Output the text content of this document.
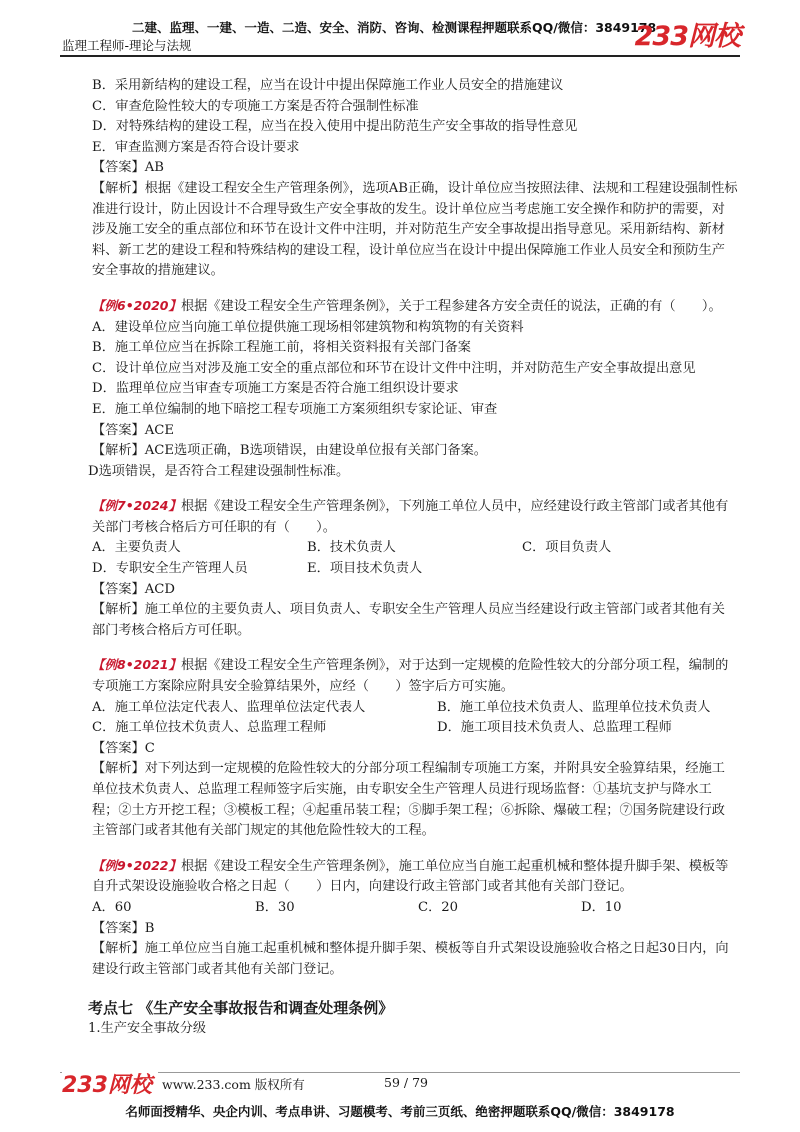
二建、监理、一建、一造、二造、安全、消防、咨询、检测课程押题联系QQ/微信：3849178
监理工程师-理论与法规	233网校

B．采用新结构的建设工程，应当在设计中提出保障施工作业人员安全的措施建议

C．审查危险性较大的专项施工方案是否符合强制性标准

D．对特殊结构的建设工程，应当在投入使用中提出防范生产安全事故的指导性意见

E．审查监测方案是否符合设计要求

【答案】AB

【解析】根据《建设工程安全生产管理条例》，选项AB正确，设计单位应当按照法律、法规和工程建设强制性标准进行设计，防止因设计不合理导致生产安全事故的发生。设计单位应当考虑施工安全操作和防护的需要，对涉及施工安全的重点部位和环节在设计文件中注明，并对防范生产安全事故提出指导意见。采用新结构、新材料、新工艺的建设工程和特殊结构的建设工程，设计单位应当在设计中提出保障施工作业人员安全和预防生产安全事故的措施建议。

【例6•2020】根据《建设工程安全生产管理条例》，关于工程参建各方安全责任的说法，正确的有（　　）。

A．建设单位应当向施工单位提供施工现场相邻建筑物和构筑物的有关资料

B．施工单位应当在拆除工程施工前，将相关资料报有关部门备案

C．设计单位应当对涉及施工安全的重点部位和环节在设计文件中注明，并对防范生产安全事故提出意见

D．监理单位应当审查专项施工方案是否符合施工组织设计要求

E．施工单位编制的地下暗挖工程专项施工方案须组织专家论证、审查

【答案】ACE

【解析】ACE选项正确，B选项错误，由建设单位报有关部门备案。

D选项错误，是否符合工程建设强制性标准。

【例7•2024】根据《建设工程安全生产管理条例》，下列施工单位人员中，应经建设行政主管部门或者其他有关部门考核合格后方可任职的有（　　）。

A．主要负责人	B．技术负责人	C．项目负责人
D．专职安全生产管理人员	E．项目技术负责人

【答案】ACD

【解析】施工单位的主要负责人、项目负责人、专职安全生产管理人员应当经建设行政主管部门或者其他有关部门考核合格后方可任职。

【例8•2021】根据《建设工程安全生产管理条例》，对于达到一定规模的危险性较大的分部分项工程，编制的专项施工方案除应附具安全验算结果外，应经（　　）签字后方可实施。

A．施工单位法定代表人、监理单位法定代表人	B．施工单位技术负责人、监理单位技术负责人
C．施工单位技术负责人、总监理工程师	D．施工项目技术负责人、总监理工程师

【答案】C

【解析】对下列达到一定规模的危险性较大的分部分项工程编制专项施工方案，并附具安全验算结果，经施工单位技术负责人、总监理工程师签字后实施，由专职安全生产管理人员进行现场监督：①基坑支护与降水工程；②土方开挖工程；③模板工程；④起重吊装工程；⑤脚手架工程；⑥拆除、爆破工程；⑦国务院建设行政主管部门或者其他有关部门规定的其他危险性较大的工程。

【例9•2022】根据《建设工程安全生产管理条例》，施工单位应当自施工起重机械和整体提升脚手架、模板等自升式架设设施验收合格之日起（　　）日内，向建设行政主管部门或者其他有关部门登记。

A．60	B．30	C．20	D．10

【答案】B

【解析】施工单位应当自施工起重机械和整体提升脚手架、模板等自升式架设设施验收合格之日起30日内，向建设行政主管部门或者其他有关部门登记。

考点七 《生产安全事故报告和调查处理条例》

1.生产安全事故分级

233网校 www.233.com 版权所有	59 / 79
名师面授精华、央企内训、考点串讲、习题模考、考前三页纸、绝密押题联系QQ/微信：3849178
